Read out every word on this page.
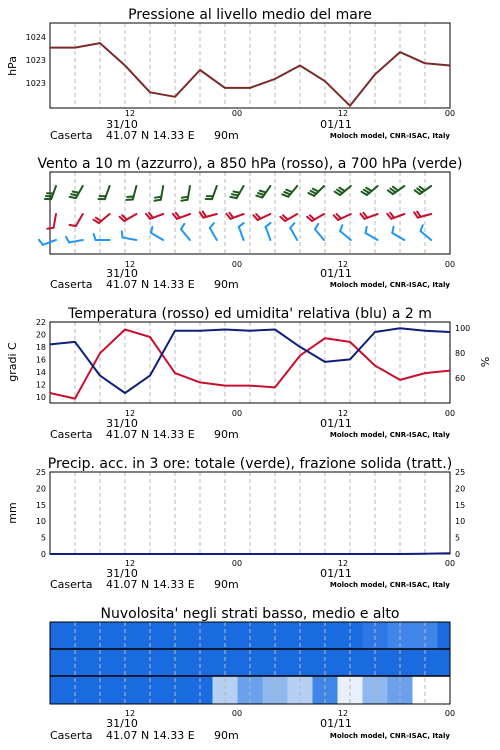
Pressione al livello medio del mare
1024
1023
1023
hPa
12	00	12	00
31/10	01/11
Caserta 41.07 N 14.33 E 90m	Moloch model, CNR-ISAC, Italy
Vento a 10 m (azzurro), a 850 hPa (rosso), a 700 hPa (verde)
12	00	12	00
31/10	01/11
Caserta 41.07 N 14.33 E 90m	Moloch model, CNR-ISAC, Italy
Temperatura (rosso) ed umidita' relativa (blu) a 2 m
10
12
14
16
18
20
22
60
80
100
gradi C	%
12	00	12	00
31/10	01/11
Caserta 41.07 N 14.33 E 90m	Moloch model, CNR-ISAC, Italy
Precip. acc. in 3 ore: totale (verde), frazione solida (tratt.)
0
5
10
15
20
25
0
5
10
15
20
25
mm
12	00	12	00
31/10	01/11
Caserta 41.07 N 14.33 E 90m	Moloch model, CNR-ISAC, Italy
Nuvolosita' negli strati basso, medio e alto
12	00	12	00
31/10	01/11
Caserta 41.07 N 14.33 E 90m	Moloch model, CNR-ISAC, Italy
